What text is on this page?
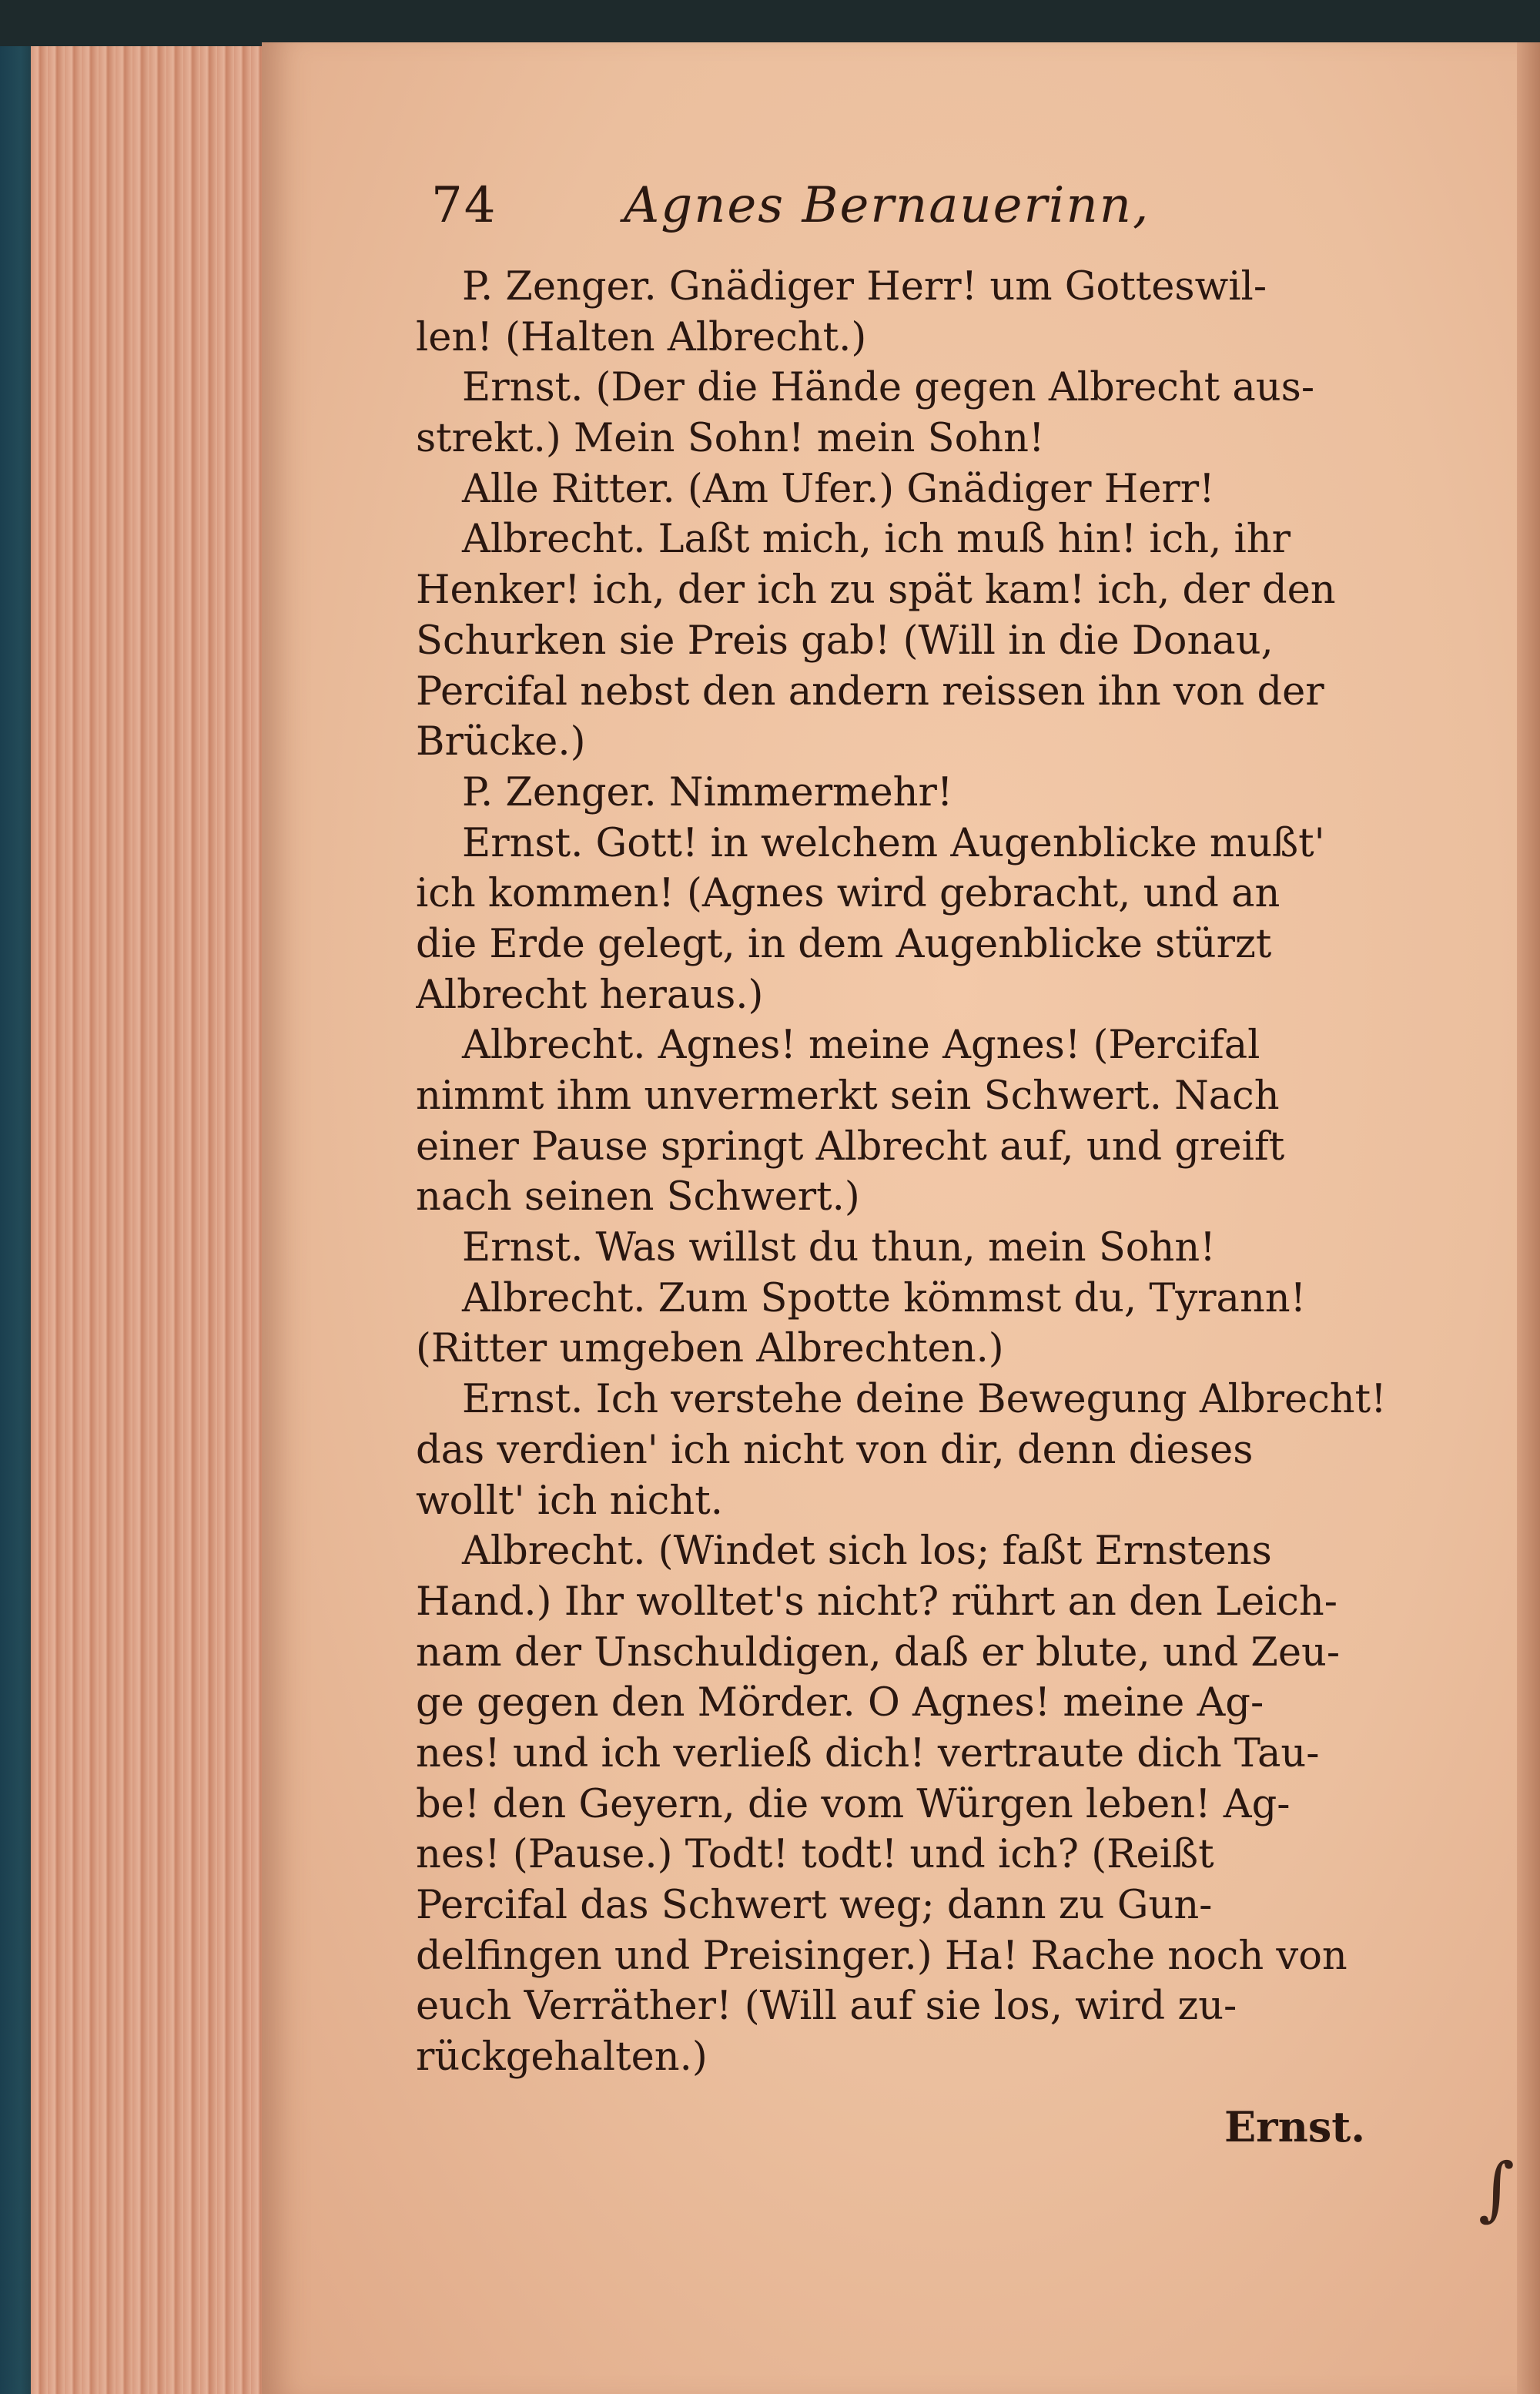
74	Agnes Bernauerinn,
P. Zenger. Gnädiger Herr! um Gotteswil-
len! (Halten Albrecht.)
Ernst. (Der die Hände gegen Albrecht aus-
strekt.) Mein Sohn! mein Sohn!
Alle Ritter. (Am Ufer.) Gnädiger Herr!
Albrecht. Laßt mich, ich muß hin! ich, ihr
Henker! ich, der ich zu spät kam! ich, der den
Schurken sie Preis gab! (Will in die Donau,
Percifal nebst den andern reissen ihn von der
Brücke.)
P. Zenger. Nimmermehr!
Ernst. Gott! in welchem Augenblicke mußt'
ich kommen! (Agnes wird gebracht, und an
die Erde gelegt, in dem Augenblicke stürzt
Albrecht heraus.)
Albrecht. Agnes! meine Agnes! (Percifal
nimmt ihm unvermerkt sein Schwert. Nach
einer Pause springt Albrecht auf, und greift
nach seinen Schwert.)
Ernst. Was willst du thun, mein Sohn!
Albrecht. Zum Spotte kömmst du, Tyrann!
(Ritter umgeben Albrechten.)
Ernst. Ich verstehe deine Bewegung Albrecht!
das verdien' ich nicht von dir, denn dieses
wollt' ich nicht.
Albrecht. (Windet sich los; faßt Ernstens
Hand.) Ihr wolltet's nicht? rührt an den Leich-
nam der Unschuldigen, daß er blute, und Zeu-
ge gegen den Mörder. O Agnes! meine Ag-
nes! und ich verließ dich! vertraute dich Tau-
be! den Geyern, die vom Würgen leben! Ag-
nes! (Pause.) Todt! todt! und ich? (Reißt
Percifal das Schwert weg; dann zu Gun-
delfingen und Preisinger.) Ha! Rache noch von
euch Verräther! (Will auf sie los, wird zu-
rückgehalten.)
Ernst.
∫
